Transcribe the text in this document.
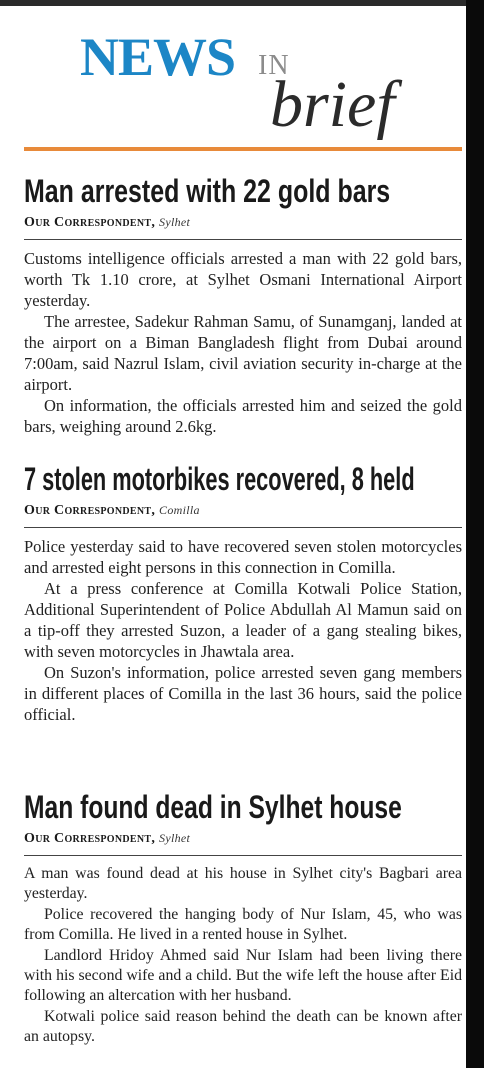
NEWS IN
brief
Man arrested with 22 gold bars
Our Correspondent, Sylhet

Customs intelligence officials arrested a man with 22 gold bars, worth Tk 1.10 crore, at Sylhet Osmani International Airport yesterday.

The arrestee, Sadekur Rahman Samu, of Sunamganj, landed at the airport on a Biman Bangladesh flight from Dubai around 7:00am, said Nazrul Islam, civil aviation security in-charge at the airport.

On information, the officials arrested him and seized the gold bars, weighing around 2.6kg.

7 stolen motorbikes recovered, 8 held
Our Correspondent, Comilla

Police yesterday said to have recovered seven stolen motorcycles and arrested eight persons in this connection in Comilla.

At a press conference at Comilla Kotwali Police Station, Additional Superintendent of Police Abdullah Al Mamun said on a tip-off they arrested Suzon, a leader of a gang stealing bikes, with seven motorcycles in Jhawtala area.

On Suzon's information, police arrested seven gang members in different places of Comilla in the last 36 hours, said the police official.

Man found dead in Sylhet house
Our Correspondent, Sylhet

A man was found dead at his house in Sylhet city's Bagbari area yesterday.

Police recovered the hanging body of Nur Islam, 45, who was from Comilla. He lived in a rented house in Sylhet.

Landlord Hridoy Ahmed said Nur Islam had been living there with his second wife and a child. But the wife left the house after Eid following an altercation with her husband.

Kotwali police said reason behind the death can be known after an autopsy.
